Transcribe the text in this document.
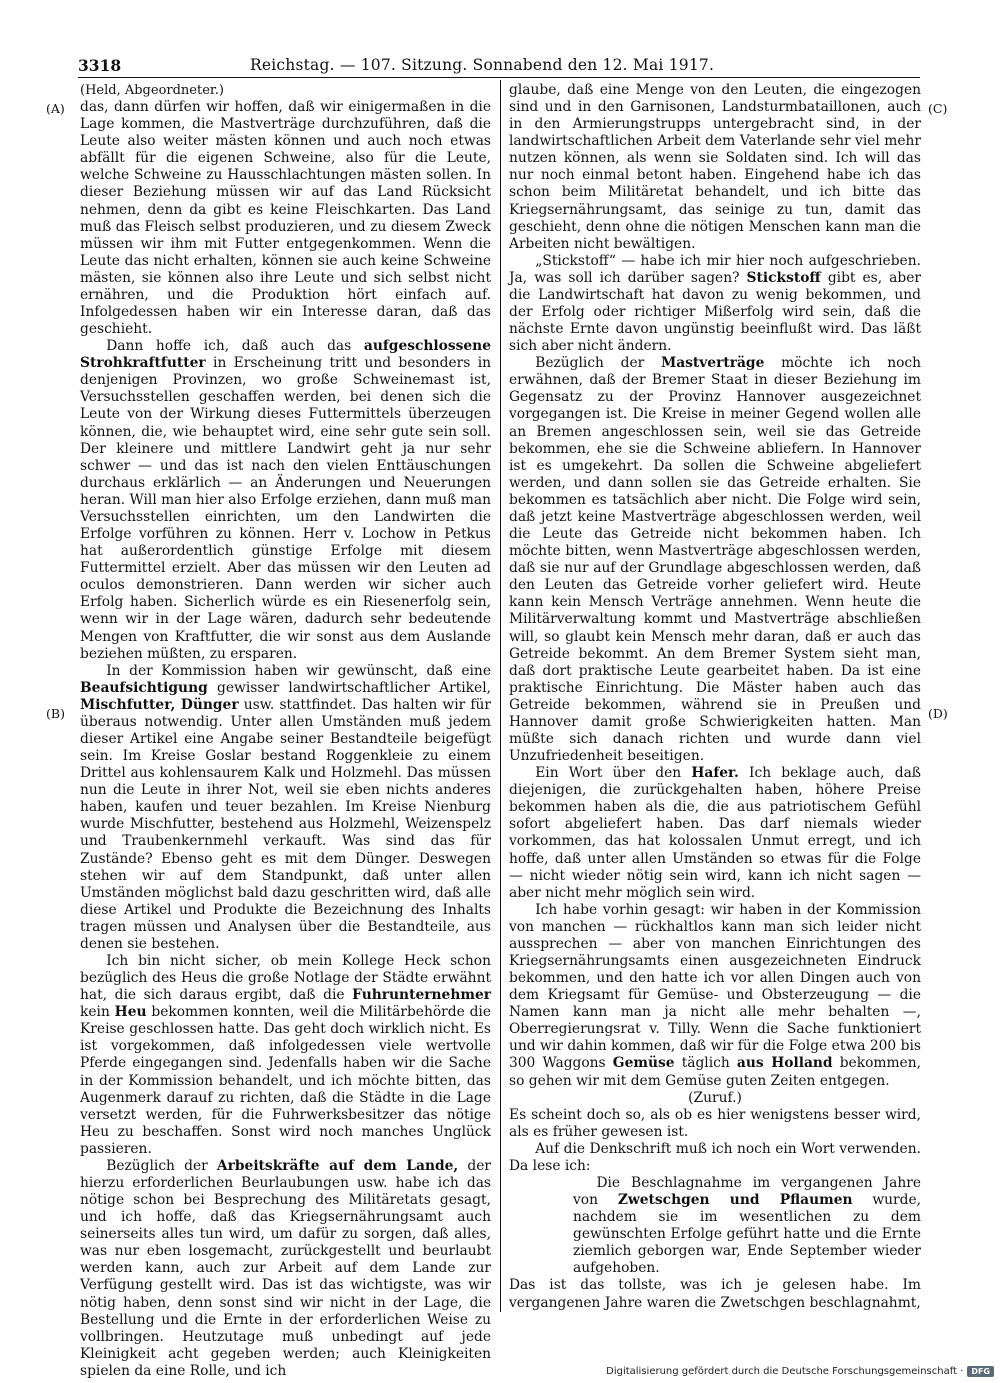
3318	Reichstag. — 107. Sitzung. Sonnabend den 12. Mai 1917.
(A)
(B)
(C)
(D)

(Held, Abgeordneter.)

das, dann dürfen wir hoffen, daß wir einigermaßen in die Lage kommen, die Mastverträge durchzuführen, daß die Leute also weiter mästen können und auch noch etwas abfällt für die eigenen Schweine, also für die Leute, welche Schweine zu Hausschlachtungen mästen sollen. In dieser Beziehung müssen wir auf das Land Rücksicht nehmen, denn da gibt es keine Fleischkarten. Das Land muß das Fleisch selbst produzieren, und zu diesem Zweck müssen wir ihm mit Futter entgegenkommen. Wenn die Leute das nicht erhalten, können sie auch keine Schweine mästen, sie können also ihre Leute und sich selbst nicht ernähren, und die Produktion hört einfach auf. Infolgedessen haben wir ein Interesse daran, daß das geschieht.

Dann hoffe ich, daß auch das aufgeschlossene Strohkraftfutter in Erscheinung tritt und besonders in denjenigen Provinzen, wo große Schweinemast ist, Versuchsstellen geschaffen werden, bei denen sich die Leute von der Wirkung dieses Futtermittels überzeugen können, die, wie behauptet wird, eine sehr gute sein soll. Der kleinere und mittlere Landwirt geht ja nur sehr schwer — und das ist nach den vielen Enttäuschungen durchaus erklärlich — an Änderungen und Neuerungen heran. Will man hier also Erfolge erziehen, dann muß man Versuchsstellen einrichten, um den Landwirten die Erfolge vorführen zu können. Herr v. Lochow in Petkus hat außerordentlich günstige Erfolge mit diesem Futtermittel erzielt. Aber das müssen wir den Leuten ad oculos demonstrieren. Dann werden wir sicher auch Erfolg haben. Sicherlich würde es ein Riesenerfolg sein, wenn wir in der Lage wären, dadurch sehr bedeutende Mengen von Kraftfutter, die wir sonst aus dem Auslande beziehen müßten, zu ersparen.

In der Kommission haben wir gewünscht, daß eine Beaufsichtigung gewisser landwirtschaftlicher Artikel, Mischfutter, Dünger usw. stattfindet. Das halten wir für überaus notwendig. Unter allen Umständen muß jedem dieser Artikel eine Angabe seiner Bestandteile beigefügt sein. Im Kreise Goslar bestand Roggenkleie zu einem Drittel aus kohlensaurem Kalk und Holzmehl. Das müssen nun die Leute in ihrer Not, weil sie eben nichts anderes haben, kaufen und teuer bezahlen. Im Kreise Nienburg wurde Mischfutter, bestehend aus Holzmehl, Weizenspelz und Traubenkernmehl verkauft. Was sind das für Zustände? Ebenso geht es mit dem Dünger. Deswegen stehen wir auf dem Standpunkt, daß unter allen Umständen möglichst bald dazu geschritten wird, daß alle diese Artikel und Produkte die Bezeichnung des Inhalts tragen müssen und Analysen über die Bestandteile, aus denen sie bestehen.

Ich bin nicht sicher, ob mein Kollege Heck schon bezüglich des Heus die große Notlage der Städte erwähnt hat, die sich daraus ergibt, daß die Fuhrunternehmer kein Heu bekommen konnten, weil die Militärbehörde die Kreise geschlossen hatte. Das geht doch wirklich nicht. Es ist vorgekommen, daß infolgedessen viele wertvolle Pferde eingegangen sind. Jedenfalls haben wir die Sache in der Kommission behandelt, und ich möchte bitten, das Augenmerk darauf zu richten, daß die Städte in die Lage versetzt werden, für die Fuhrwerksbesitzer das nötige Heu zu beschaffen. Sonst wird noch manches Unglück passieren.

Bezüglich der Arbeitskräfte auf dem Lande, der hierzu erforderlichen Beurlaubungen usw. habe ich das nötige schon bei Besprechung des Militäretats gesagt, und ich hoffe, daß das Kriegsernährungsamt auch seinerseits alles tun wird, um dafür zu sorgen, daß alles, was nur eben losgemacht, zurückgestellt und beurlaubt werden kann, auch zur Arbeit auf dem Lande zur Verfügung gestellt wird. Das ist das wichtigste, was wir nötig haben, denn sonst sind wir nicht in der Lage, die Bestellung und die Ernte in der erforderlichen Weise zu vollbringen. Heutzutage muß unbedingt auf jede Kleinigkeit acht gegeben werden; auch Kleinigkeiten spielen da eine Rolle, und ich

glaube, daß eine Menge von den Leuten, die eingezogen sind und in den Garnisonen, Landsturmbataillonen, auch in den Armierungstrupps untergebracht sind, in der landwirtschaftlichen Arbeit dem Vaterlande sehr viel mehr nutzen können, als wenn sie Soldaten sind. Ich will das nur noch einmal betont haben. Eingehend habe ich das schon beim Militäretat behandelt, und ich bitte das Kriegsernährungsamt, das seinige zu tun, damit das geschieht, denn ohne die nötigen Menschen kann man die Arbeiten nicht bewältigen.

„Stickstoff“ — habe ich mir hier noch aufgeschrieben. Ja, was soll ich darüber sagen? Stickstoff gibt es, aber die Landwirtschaft hat davon zu wenig bekommen, und der Erfolg oder richtiger Mißerfolg wird sein, daß die nächste Ernte davon ungünstig beeinflußt wird. Das läßt sich aber nicht ändern.

Bezüglich der Mastverträge möchte ich noch erwähnen, daß der Bremer Staat in dieser Beziehung im Gegensatz zu der Provinz Hannover ausgezeichnet vorgegangen ist. Die Kreise in meiner Gegend wollen alle an Bremen angeschlossen sein, weil sie das Getreide bekommen, ehe sie die Schweine abliefern. In Hannover ist es umgekehrt. Da sollen die Schweine abgeliefert werden, und dann sollen sie das Getreide erhalten. Sie bekommen es tatsächlich aber nicht. Die Folge wird sein, daß jetzt keine Mastverträge abgeschlossen werden, weil die Leute das Getreide nicht bekommen haben. Ich möchte bitten, wenn Mastverträge abgeschlossen werden, daß sie nur auf der Grundlage abgeschlossen werden, daß den Leuten das Getreide vorher geliefert wird. Heute kann kein Mensch Verträge annehmen. Wenn heute die Militärverwaltung kommt und Mastverträge abschließen will, so glaubt kein Mensch mehr daran, daß er auch das Getreide bekommt. An dem Bremer System sieht man, daß dort praktische Leute gearbeitet haben. Da ist eine praktische Einrichtung. Die Mäster haben auch das Getreide bekommen, während sie in Preußen und Hannover damit große Schwierigkeiten hatten. Man müßte sich danach richten und wurde dann viel Unzufriedenheit beseitigen.

Ein Wort über den Hafer. Ich beklage auch, daß diejenigen, die zurückgehalten haben, höhere Preise bekommen haben als die, die aus patriotischem Gefühl sofort abgeliefert haben. Das darf niemals wieder vorkommen, das hat kolossalen Unmut erregt, und ich hoffe, daß unter allen Umständen so etwas für die Folge — nicht wieder nötig sein wird, kann ich nicht sagen — aber nicht mehr möglich sein wird.

Ich habe vorhin gesagt: wir haben in der Kommission von manchen — rückhaltlos kann man sich leider nicht aussprechen — aber von manchen Einrichtungen des Kriegsernährungsamts einen ausgezeichneten Eindruck bekommen, und den hatte ich vor allen Dingen auch von dem Kriegsamt für Gemüse- und Obsterzeugung — die Namen kann man ja nicht alle mehr behalten —, Oberregierungsrat v. Tilly. Wenn die Sache funktioniert und wir dahin kommen, daß wir für die Folge etwa 200 bis 300 Waggons Gemüse täglich aus Holland bekommen, so gehen wir mit dem Gemüse guten Zeiten entgegen.

(Zuruf.)

Es scheint doch so, als ob es hier wenigstens besser wird, als es früher gewesen ist.

Auf die Denkschrift muß ich noch ein Wort verwenden. Da lese ich:

Die Beschlagnahme im vergangenen Jahre von Zwetschgen und Pflaumen wurde, nachdem sie im wesentlichen zu dem gewünschten Erfolge geführt hatte und die Ernte ziemlich geborgen war, Ende September wieder aufgehoben.

Das ist das tollste, was ich je gelesen habe. Im vergangenen Jahre waren die Zwetschgen beschlagnahmt,

Digitalisierung gefördert durch die Deutsche Forschungsgemeinschaft ·	DFG
